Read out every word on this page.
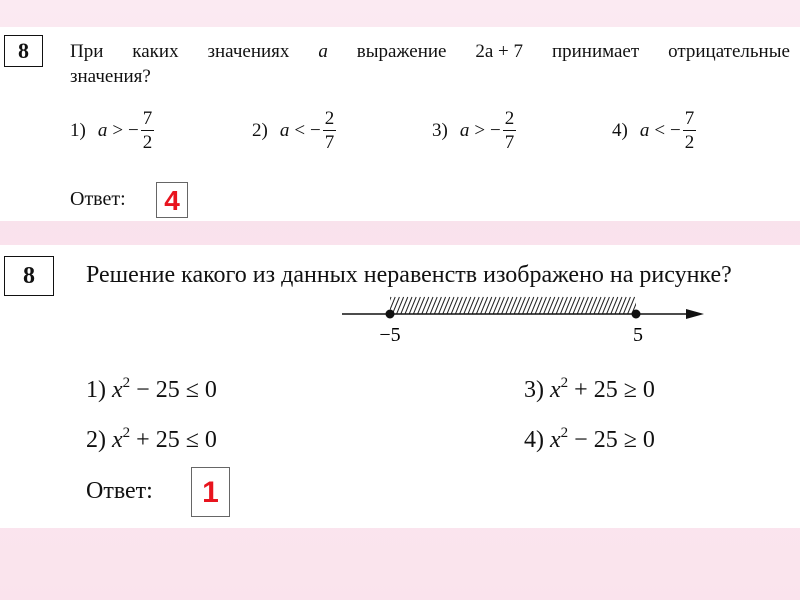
8	При каких значениях a выражение 2a + 7 принимает отрицательные
значения?
1) a > − $\frac{7}{2}$	2) a < − $\frac{2}{7}$	3) a > − $\frac{2}{7}$	4) a < − $\frac{7}{2}$
Ответ: 4
8	Решение какого из данных неравенств изображено на рисунке?
−5	5
1) $x^2 - 25 \le 0$
2) $x^2 + 25 \le 0$
3) $x^2 + 25 \ge 0$
4) $x^2 - 25 \ge 0$
Ответ:	1
